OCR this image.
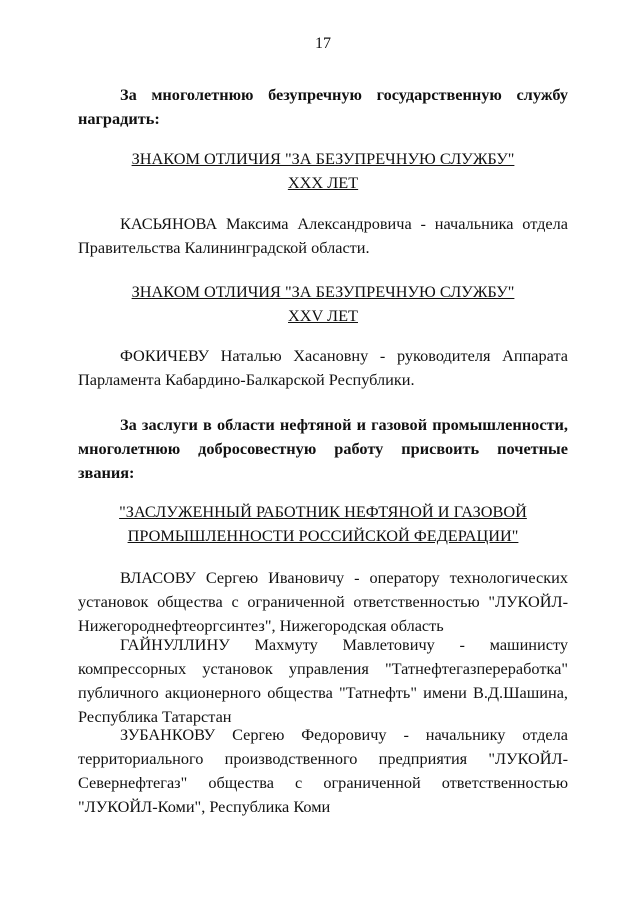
17
За многолетнюю безупречную государственную службу
наградить:
ЗНАКОМ ОТЛИЧИЯ "ЗА БЕЗУПРЕЧНУЮ СЛУЖБУ"
XXX ЛЕТ
КАСЬЯНОВА Максима Александровича - начальника отдела
Правительства Калининградской области.
ЗНАКОМ ОТЛИЧИЯ "ЗА БЕЗУПРЕЧНУЮ СЛУЖБУ"
XXV ЛЕТ
ФОКИЧЕВУ Наталью Хасановну - руководителя Аппарата
Парламента Кабардино-Балкарской Республики.
За заслуги в области нефтяной и газовой промышленности,
многолетнюю добросовестную работу присвоить почетные
звания:
"ЗАСЛУЖЕННЫЙ РАБОТНИК НЕФТЯНОЙ И ГАЗОВОЙ
ПРОМЫШЛЕННОСТИ РОССИЙСКОЙ ФЕДЕРАЦИИ"
ВЛАСОВУ Сергею Ивановичу - оператору технологических
установок общества с ограниченной ответственностью "ЛУКОЙЛ-
Нижегороднефтеоргсинтез", Нижегородская область
ГАЙНУЛЛИНУ Махмуту Мавлетовичу - машинисту
компрессорных установок управления "Татнефтегазпереработка"
публичного акционерного общества "Татнефть" имени В.Д.Шашина,
Республика Татарстан
ЗУБАНКОВУ Сергею Федоровичу - начальнику отдела
территориального производственного предприятия "ЛУКОЙЛ-
Севернефтегаз" общества с ограниченной ответственностью
"ЛУКОЙЛ-Коми", Республика Коми
